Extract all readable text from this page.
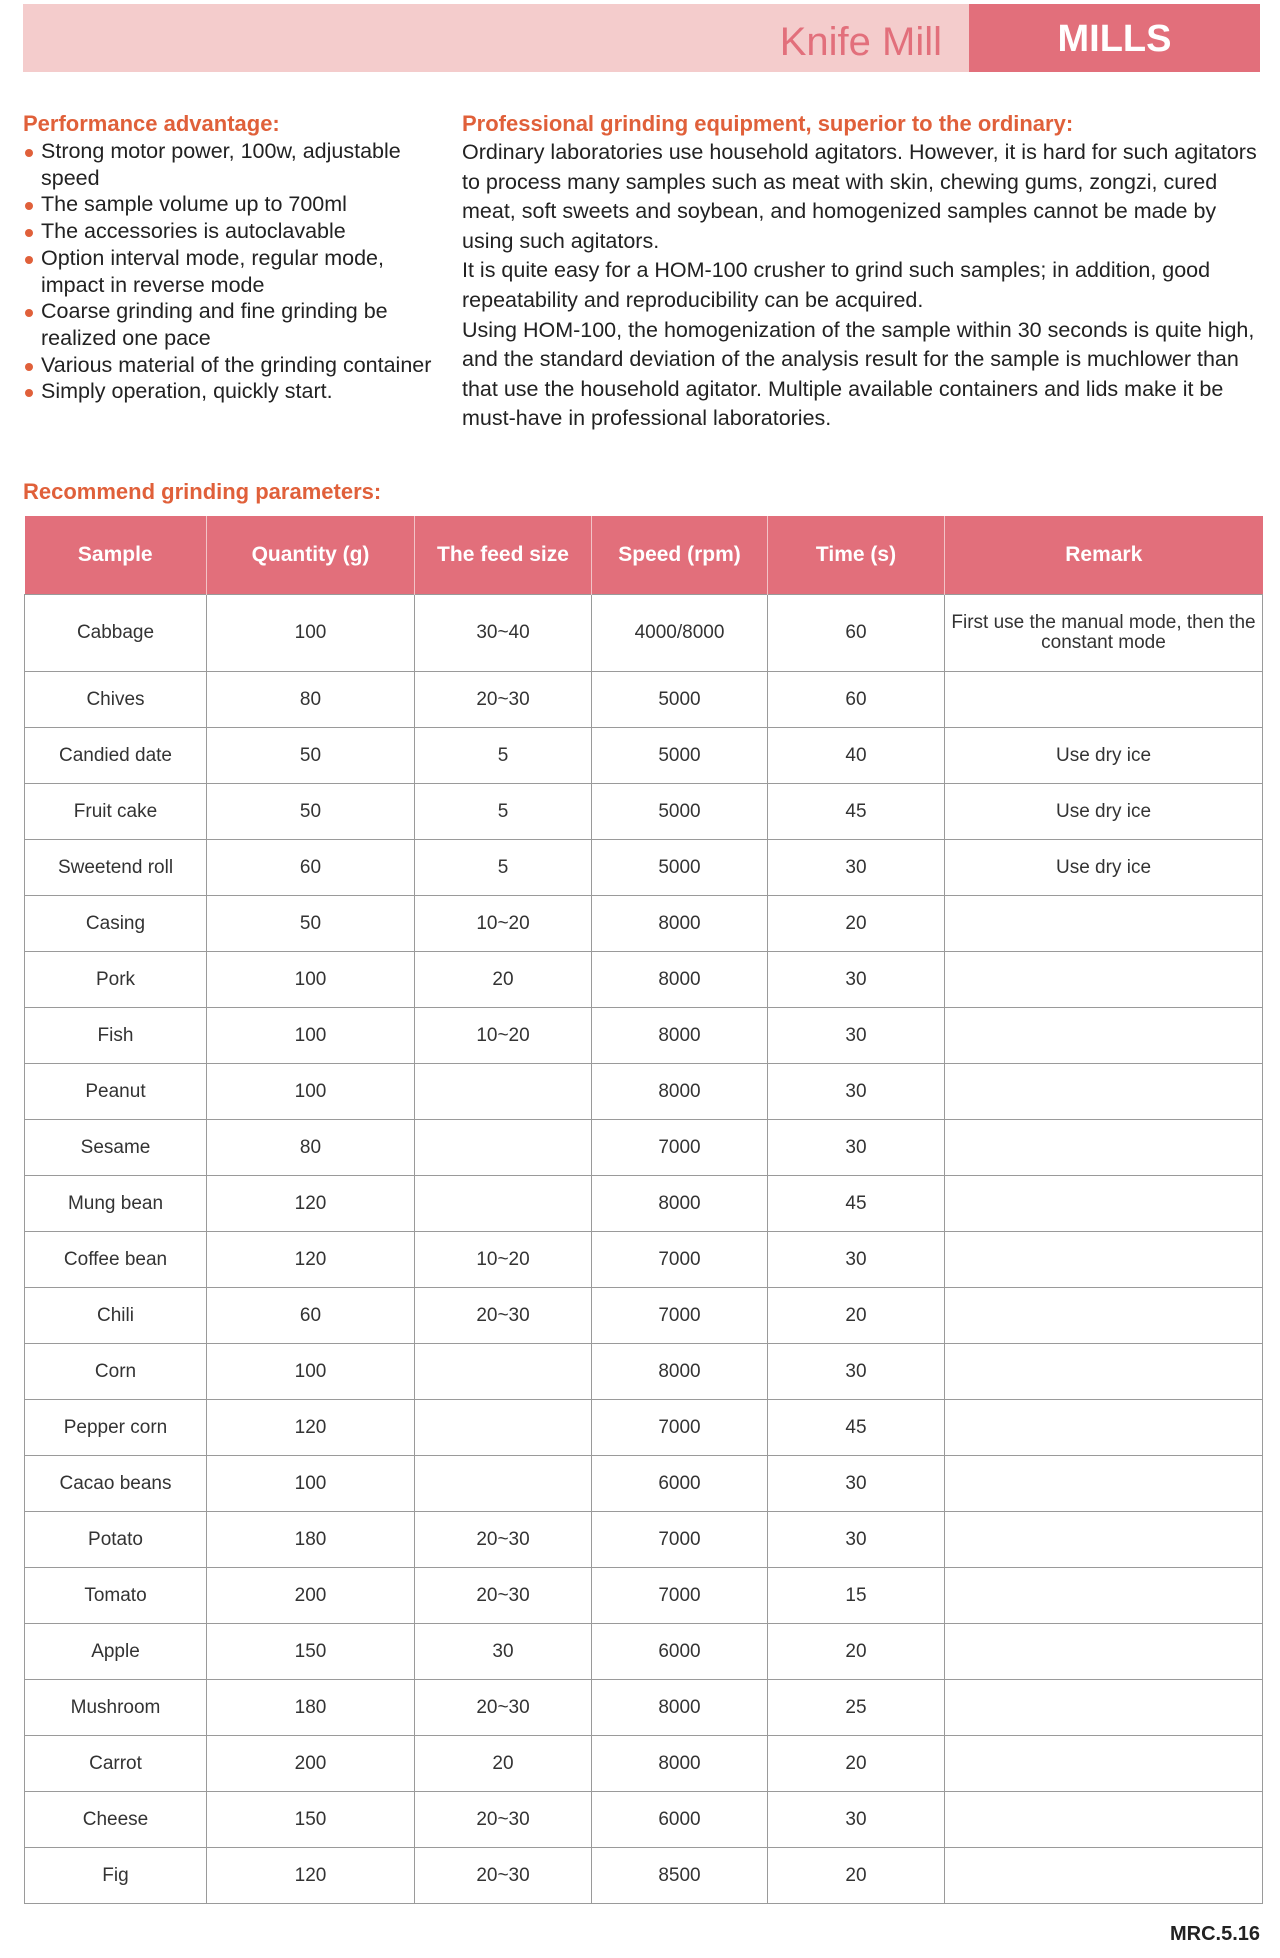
Knife Mill	MILLS
Performance advantage:
Strong motor power, 100w, adjustable speed
The sample volume up to 700ml
The accessories is autoclavable
Option interval mode, regular mode, impact in reverse mode
Coarse grinding and fine grinding be realized one pace
Various material of the grinding container
Simply operation, quickly start.
Professional grinding equipment, superior to the ordinary:

Ordinary laboratories use household agitators. However, it is hard for such agitators to process many samples such as meat with skin, chewing gums, zongzi, cured meat, soft sweets and soybean, and homogenized samples cannot be made by using such agitators.

It is quite easy for a HOM-100 crusher to grind such samples; in addition, good repeatability and reproducibility can be acquired.

Using HOM-100, the homogenization of the sample within 30 seconds is quite high, and the standard deviation of the analysis result for the sample is muchlower than that use the household agitator. Multiple available containers and lids make it be must-have in professional laboratories.

Recommend grinding parameters:
Sample	Quantity (g)	The feed size	Speed (rpm)	Time (s)	Remark
Cabbage	100	30~40	4000/8000	60	First use the manual mode, then the constant mode
Chives	80	20~30	5000	60	
Candied date	50	5	5000	40	Use dry ice
Fruit cake	50	5	5000	45	Use dry ice
Sweetend roll	60	5	5000	30	Use dry ice
Casing	50	10~20	8000	20	
Pork	100	20	8000	30	
Fish	100	10~20	8000	30	
Peanut	100		8000	30	
Sesame	80		7000	30	
Mung bean	120		8000	45	
Coffee bean	120	10~20	7000	30	
Chili	60	20~30	7000	20	
Corn	100		8000	30	
Pepper corn	120		7000	45	
Cacao beans	100		6000	30	
Potato	180	20~30	7000	30	
Tomato	200	20~30	7000	15	
Apple	150	30	6000	20	
Mushroom	180	20~30	8000	25	
Carrot	200	20	8000	20	
Cheese	150	20~30	6000	30	
Fig	120	20~30	8500	20	
MRC.5.16
